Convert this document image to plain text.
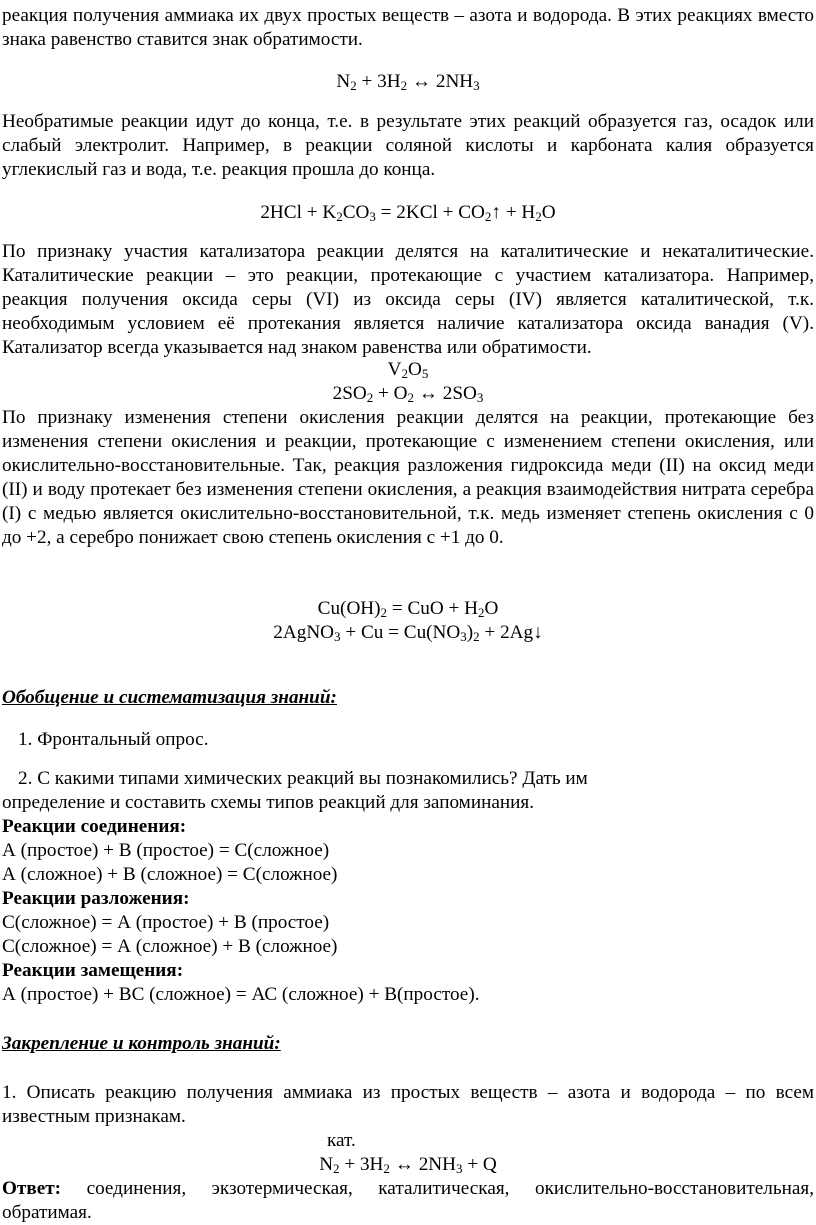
реакция получения аммиака их двух простых веществ – азота и водорода. В этих реакциях вместо знака равенство ставится знак обратимости.

$N_2 + 3H_2$ ↔ $2NH_3$

Необратимые реакции идут до конца, т.е. в результате этих реакций образуется газ, осадок или слабый электролит. Например, в реакции соляной кислоты и карбоната калия образуется углекислый газ и вода, т.е. реакция прошла до конца.

$2HCl + K_2CO_3 = 2KCl$ + $CO_2↑ + H_2O$

По признаку участия катализатора реакции делятся на каталитические и некаталитические. Каталитические реакции – это реакции, протекающие с участием катализатора. Например, реакция получения оксида серы (VI) из оксида серы (IV) является каталитической, т.к. необходимым условием её протекания является наличие катализатора оксида ванадия (V). Катализатор всегда указывается над знаком равенства или обратимости.

$V_2O_5$

$2SO_2 + O_2$ ↔ $2SO_3$

По признаку изменения степени окисления реакции делятся на реакции, протекающие без изменения степени окисления и реакции, протекающие с изменением степени окисления, или окислительно-восстановительные. Так, реакция разложения гидроксида меди (II) на оксид меди (II) и воду протекает без изменения степени окисления, а реакция взаимодействия нитрата серебра (I) с медью является окислительно-восстановительной, т.к. медь изменяет степень окисления с 0 до +2, а серебро понижает свою степень окисления с +1 до 0.

$Cu(OH)_2$ = CuO + $H_2O$

2AgNO$_3$ + $Cu = Cu(NO_3)_2$ + 2Ag↓

Обобщение и систематизация знаний:

1. Фронтальный опрос.

2. С какими типами химических реакций вы познакомились? Дать им определение и составить схемы типов реакций для запоминания.

Реакции соединения:

А (простое) + В (простое) = С(сложное)

А (сложное) + В (сложное) = С(сложное)

Реакции разложения:

С(сложное) = А (простое) + В (простое)

С(сложное) = А (сложное) + В (сложное)

Реакции замещения:

А (простое) + ВС (сложное) = АС (сложное) + В(простое).

Закрепление и контроль знаний:

1. Описать реакцию получения аммиака из простых веществ – азота и водорода – по всем известным признакам.

кат.

$N_2 + 3H_2$ ↔ $2NH_3 + Q$

Ответ: соединения, экзотермическая, каталитическая, окислительно-восстановительная, обратимая.
